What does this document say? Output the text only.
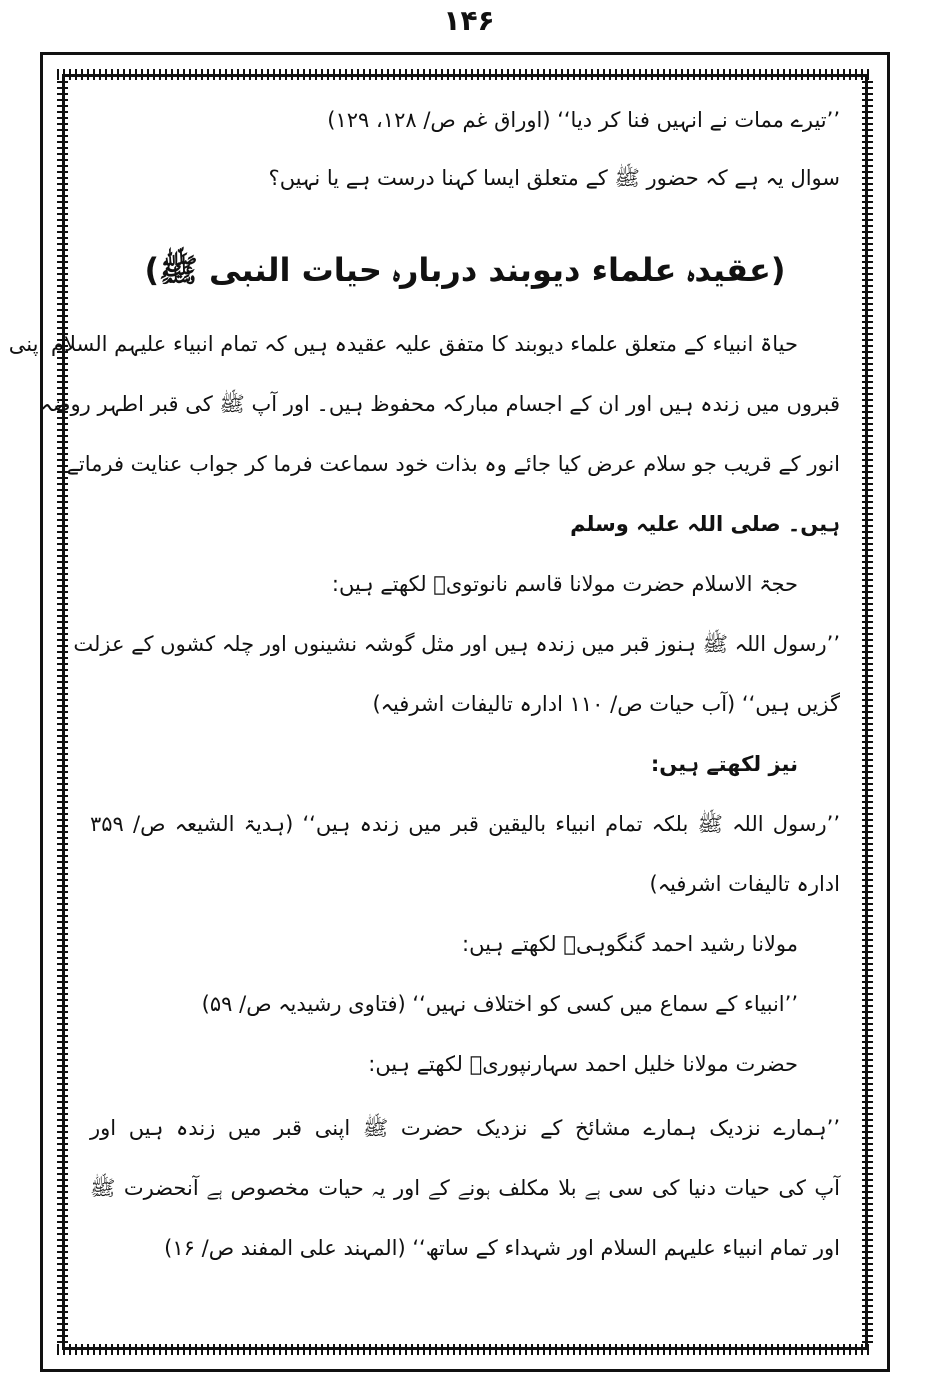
۱۴۶
’’تیرے ممات نے انہیں فنا کر دیا‘‘ (اوراق غم ص/ ۱۲۸، ۱۲۹)
سوال یہ ہے کہ حضور ﷺ کے متعلق ایسا کہنا درست ہے یا نہیں؟
(عقیدہ علماء دیوبند دربارہ حیات النبی ﷺ)
حیاۃ انبیاء کے متعلق علماء دیوبند کا متفق علیہ عقیدہ ہیں کہ تمام انبیاء علیہم السلام اپنی
قبروں میں زندہ ہیں اور ان کے اجسام مبارکہ محفوظ ہیں۔ اور آپ ﷺ کی قبر اطہر روضہ
انور کے قریب جو سلام عرض کیا جائے وہ بذات خود سماعت فرما کر جواب عنایت فرماتے
ہیں۔ صلی اللہ علیہ وسلم
حجۃ الاسلام حضرت مولانا قاسم نانوتویؒ لکھتے ہیں:
’’رسول اللہ ﷺ ہنوز قبر میں زندہ ہیں اور مثل گوشہ نشینوں اور چلہ کشوں کے عزلت
گزیں ہیں‘‘ (آب حیات ص/ ۱۱۰ ادارہ تالیفات اشرفیہ)
نیز لکھتے ہیں:
’’رسول اللہ ﷺ بلکہ تمام انبیاء بالیقین قبر میں زندہ ہیں‘‘ (ہدیۃ الشیعہ ص/ ۳۵۹
ادارہ تالیفات اشرفیہ)
مولانا رشید احمد گنگوہیؒ لکھتے ہیں:
’’انبیاء کے سماع میں کسی کو اختلاف نہیں‘‘ (فتاوی رشیدیہ ص/ ۵۹)
حضرت مولانا خلیل احمد سہارنپوریؒ لکھتے ہیں:
’’ہمارے نزدیک ہمارے مشائخ کے نزدیک حضرت ﷺ اپنی قبر میں زندہ ہیں اور
آپ کی حیات دنیا کی سی ہے بلا مکلف ہونے کے اور یہ حیات مخصوص ہے آنحضرت ﷺ
اور تمام انبیاء علیہم السلام اور شہداء کے ساتھ‘‘ (المہند علی المفند ص/ ۱۶)
